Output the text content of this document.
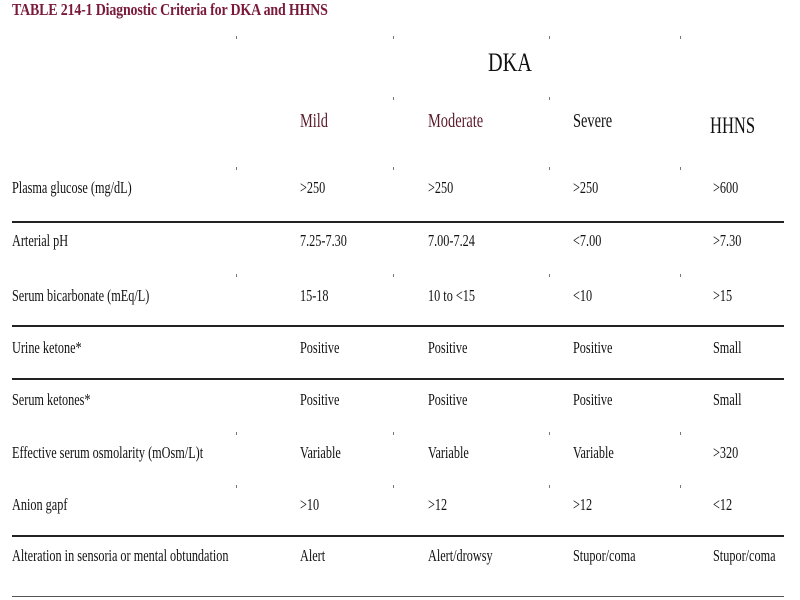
TABLE 214-1 Diagnostic Criteria for DKA and HHNS
DKA
Mild	Moderate	Severe	HHNS
Plasma glucose (mg/dL)	>250	>250	>250	>600
Arterial pH	7.25-7.30	7.00-7.24	<7.00	>7.30
Serum bicarbonate (mEq/L)	15-18	10 to <15	<10	>15
Urine ketone*	Positive	Positive	Positive	Small
Serum ketones*	Positive	Positive	Positive	Small
Effective serum osmolarity (mOsm/L)t	Variable	Variable	Variable	>320
Anion gapf	>10	>12	>12	<12
Alteration in sensoria or mental obtundation	Alert	Alert/drowsy	Stupor/coma	Stupor/coma
